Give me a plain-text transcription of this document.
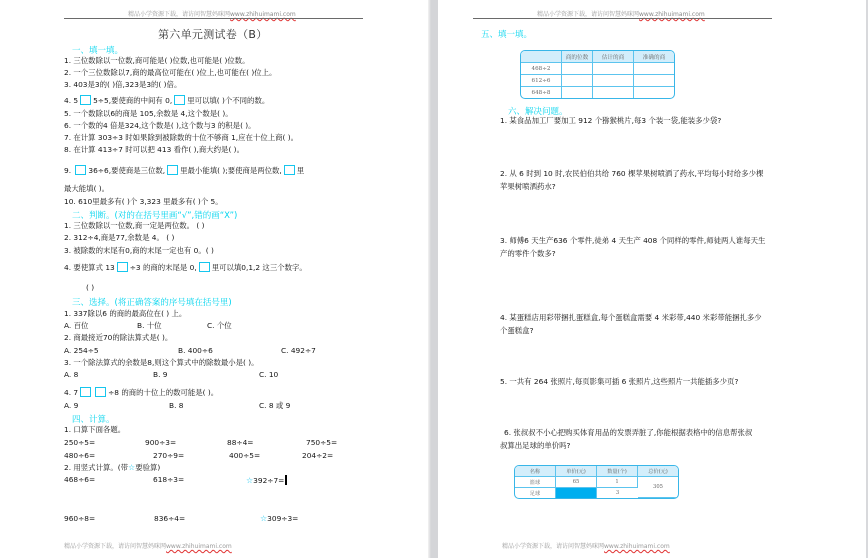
精品小学资源下载，请访问智慧妈咪网www.zhihuimami.com
第六单元测试卷（B）
一、填一填。
1. 三位数除以一位数,商可能是( )位数,也可能是( )位数。
2. 一个三位数除以7,商的最高位可能在( )位上,也可能在( )位上。
3. 403是3的( )倍,323是3的( )倍。
4. 5 5÷5,要使商的中间有 0, 里可以填( )个不同的数。
5. 一个数除以6的商是 105,余数是 4,这个数是( )。
6. 一个数的4 倍是324,这个数是( ),这个数与3 的积是( )。
7. 在计算 303÷3 时如果除到被除数的十位不够商 1,应在十位上商( )。
8. 在计算 413÷7 时可以把 413 看作( ),商大约是( )。
9. 36÷6,要使商是三位数, 里最小能填( );要使商是两位数, 里
最大能填( )。
10. 610里最多有( )个 3,323 里最多有( )个 5。
二、判断。(对的在括号里画“√”,错的画“X”)
1. 三位数除以一位数,商一定是两位数。 ( )
2. 312÷4,商是77,余数是 4。 ( )
3. 被除数的末尾有0,商的末尾一定也有 0。( )
4. 要使算式 13 ÷3 的商的末尾是 0, 里可以填0,1,2 这三个数字。
( )
三、选择。(将正确答案的序号填在括号里)
1. 337除以6 的商的最高位在( ) 上。
A. 百位	B. 十位	C. 个位
2. 商最接近70的除法算式是( )。
A. 254÷5	B. 400÷6	C. 492÷7
3. 一个除法算式的余数是8,则这个算式中的除数最小是( )。
A. 8	B. 9	C. 10
4. 7	÷8 的商的十位上的数可能是( )。
A. 9	B. 8	C. 8 或 9
四、计算。
1. 口算下面各题。
250÷5=	900÷3=	88÷4=	750÷5=
480÷6=	270÷9=	400÷5=	204÷2=
2. 用竖式计算。(带☆要验算)
468÷6=	618÷3=	☆392÷7=
960÷8=	836÷4=	☆309÷3=
精品小学资源下载，请访问智慧妈咪网www.zhihuimami.com
精品小学资源下载，请访问智慧妈咪网www.zhihuimami.com
五、填一填。
	商的位数	估计的商	准确的商
468÷2			
612÷6			
648÷8			
六、解决问题。
1. 某食品加工厂要加工 912 个猕猴桃片,每3 个装一袋,能装多少袋?
2. 从 6 时到 10 时,农民伯伯共给 760 棵苹果树喷洒了药水,平均每小时给多少棵
苹果树喷洒药水?
3. 师傅6 天生产636 个零件,徒弟 4 天生产 408 个同样的零件,师徒两人谁每天生
产的零件个数多?
4. 某蛋糕店用彩带捆扎蛋糕盒,每个蛋糕盒需要 4 米彩带,440 米彩带能捆扎多少
个蛋糕盒?
5. 一共有 264 张照片,每页影集可插 6 张照片,这些照片一共能插多少页?
6. 张叔叔不小心把购买体育用品的发票弄脏了,你能根据表格中的信息帮张叔
叔算出足球的单价吗?
名称	单价(元)	数量(个)	总价(元)
篮球	65	1	305
足球		3	
精品小学资源下载，请访问智慧妈咪网www.zhihuimami.com
